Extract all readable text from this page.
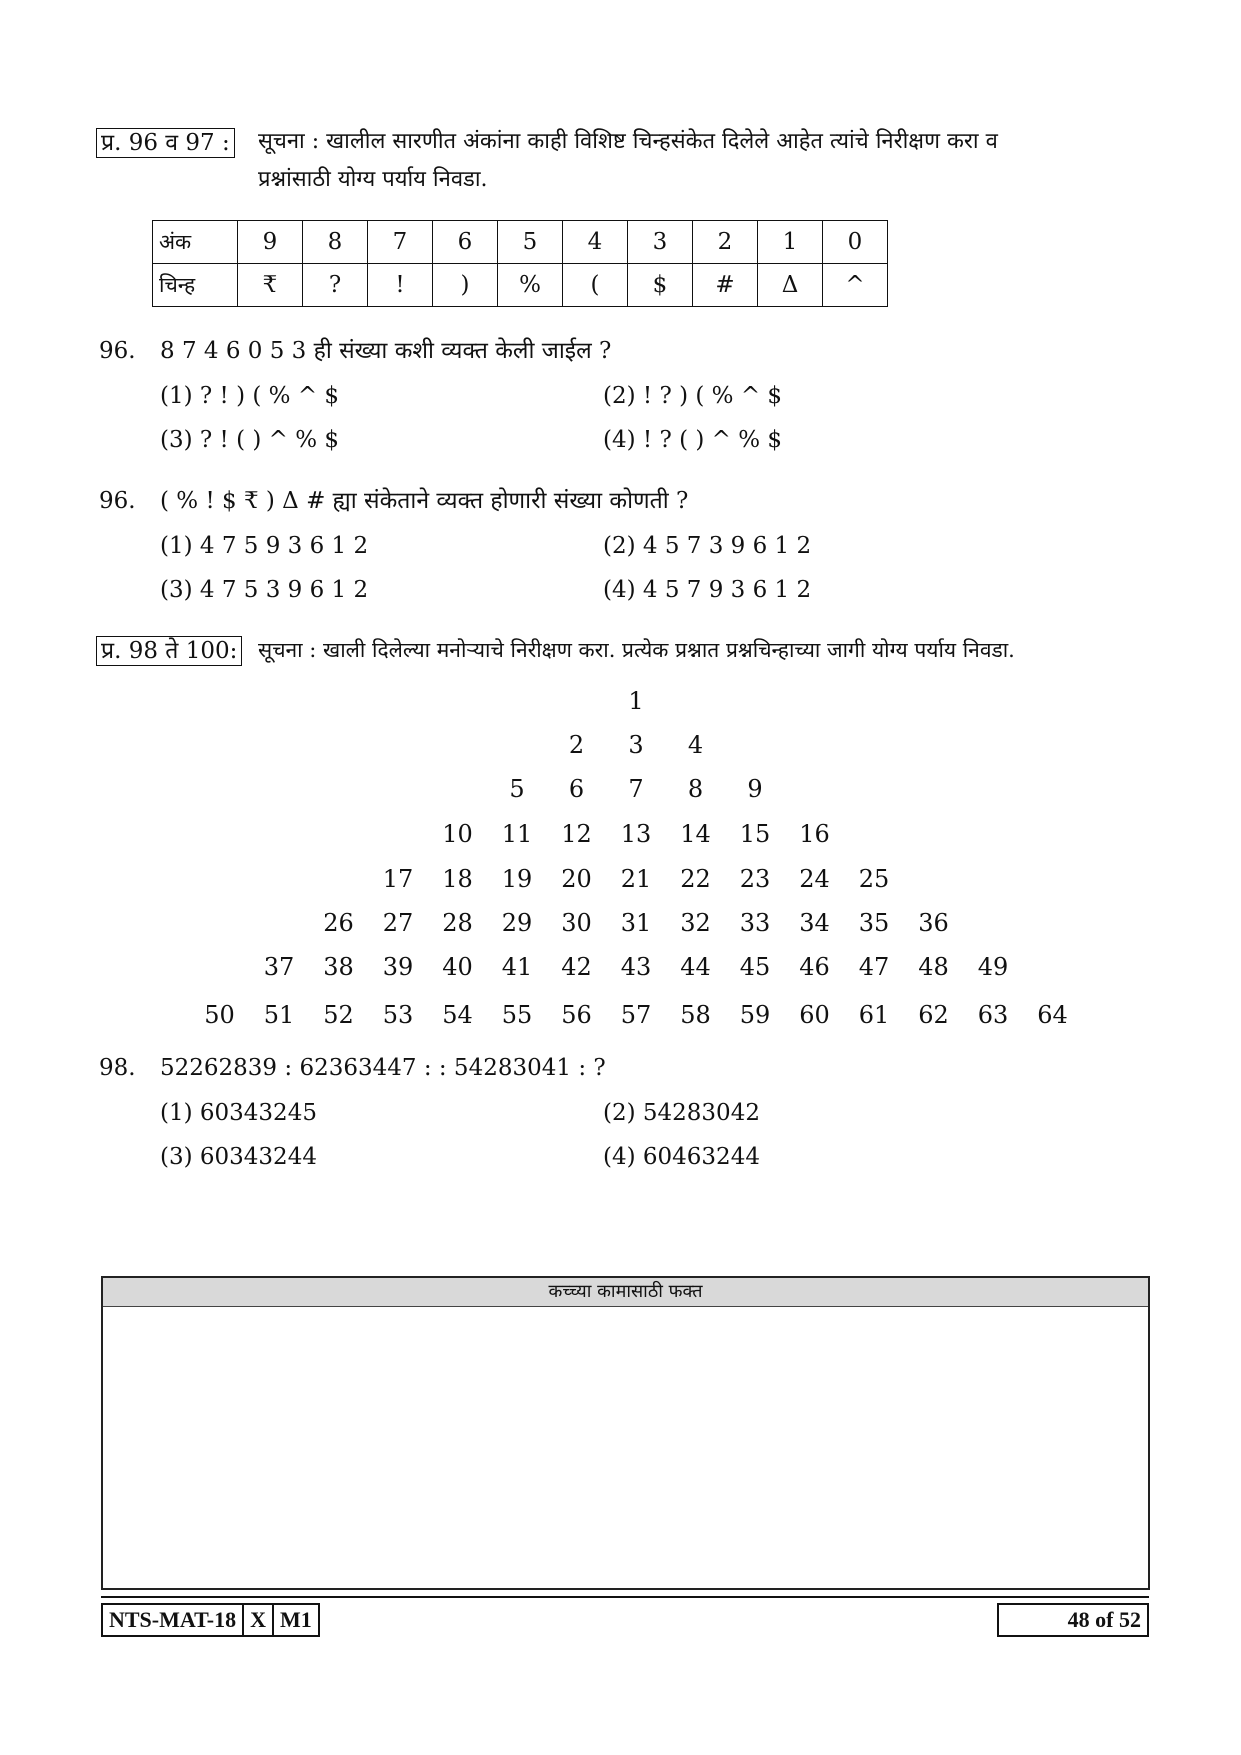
प्र. 96 व 97 : सूचना : खालील सारणीत अंकांना काही विशिष्ट चिन्हसंकेत दिलेले आहेत त्यांचे निरीक्षण करा व
प्रश्नांसाठी योग्य पर्याय निवडा.
अंक	9	8	7	6	5	4	3	2	1	0
चिन्ह	₹	?	!	)	%	(	$	#	Δ	^
96. 8 7 4 6 0 5 3 ही संख्या कशी व्यक्त केली जाईल ?
(1) ? ! ) ( % ^ $	(2) ! ? ) ( % ^ $
(3) ? ! ( ) ^ % $	(4) ! ? ( ) ^ % $
96. ( % ! $ ₹ ) Δ # ह्या संकेताने व्यक्त होणारी संख्या कोणती ?
(1) 4 7 5 9 3 6 1 2	(2) 4 5 7 3 9 6 1 2
(3) 4 7 5 3 9 6 1 2	(4) 4 5 7 9 3 6 1 2
प्र. 98 ते 100: सूचना : खाली दिलेल्या मनोऱ्याचे निरीक्षण करा. प्रत्येक प्रश्नात प्रश्नचिन्हाच्या जागी योग्य पर्याय निवडा.
1
2	3	4
5	6	7	8	9
10	11	12	13	14	15	16
17	18	19	20	21	22	23	24	25
26	27	28	29	30	31	32	33	34	35	36
37	38	39	40	41	42	43	44	45	46	47	48	49
50	51	52	53	54	55	56	57	58	59	60	61	62	63	64
98. 52262839 : 62363447 : : 54283041 : ?
(1) 60343245	(2) 54283042
(3) 60343244	(4) 60463244
कच्च्या कामासाठी फक्त
NTS-MAT-18 X M1	48 of 52
